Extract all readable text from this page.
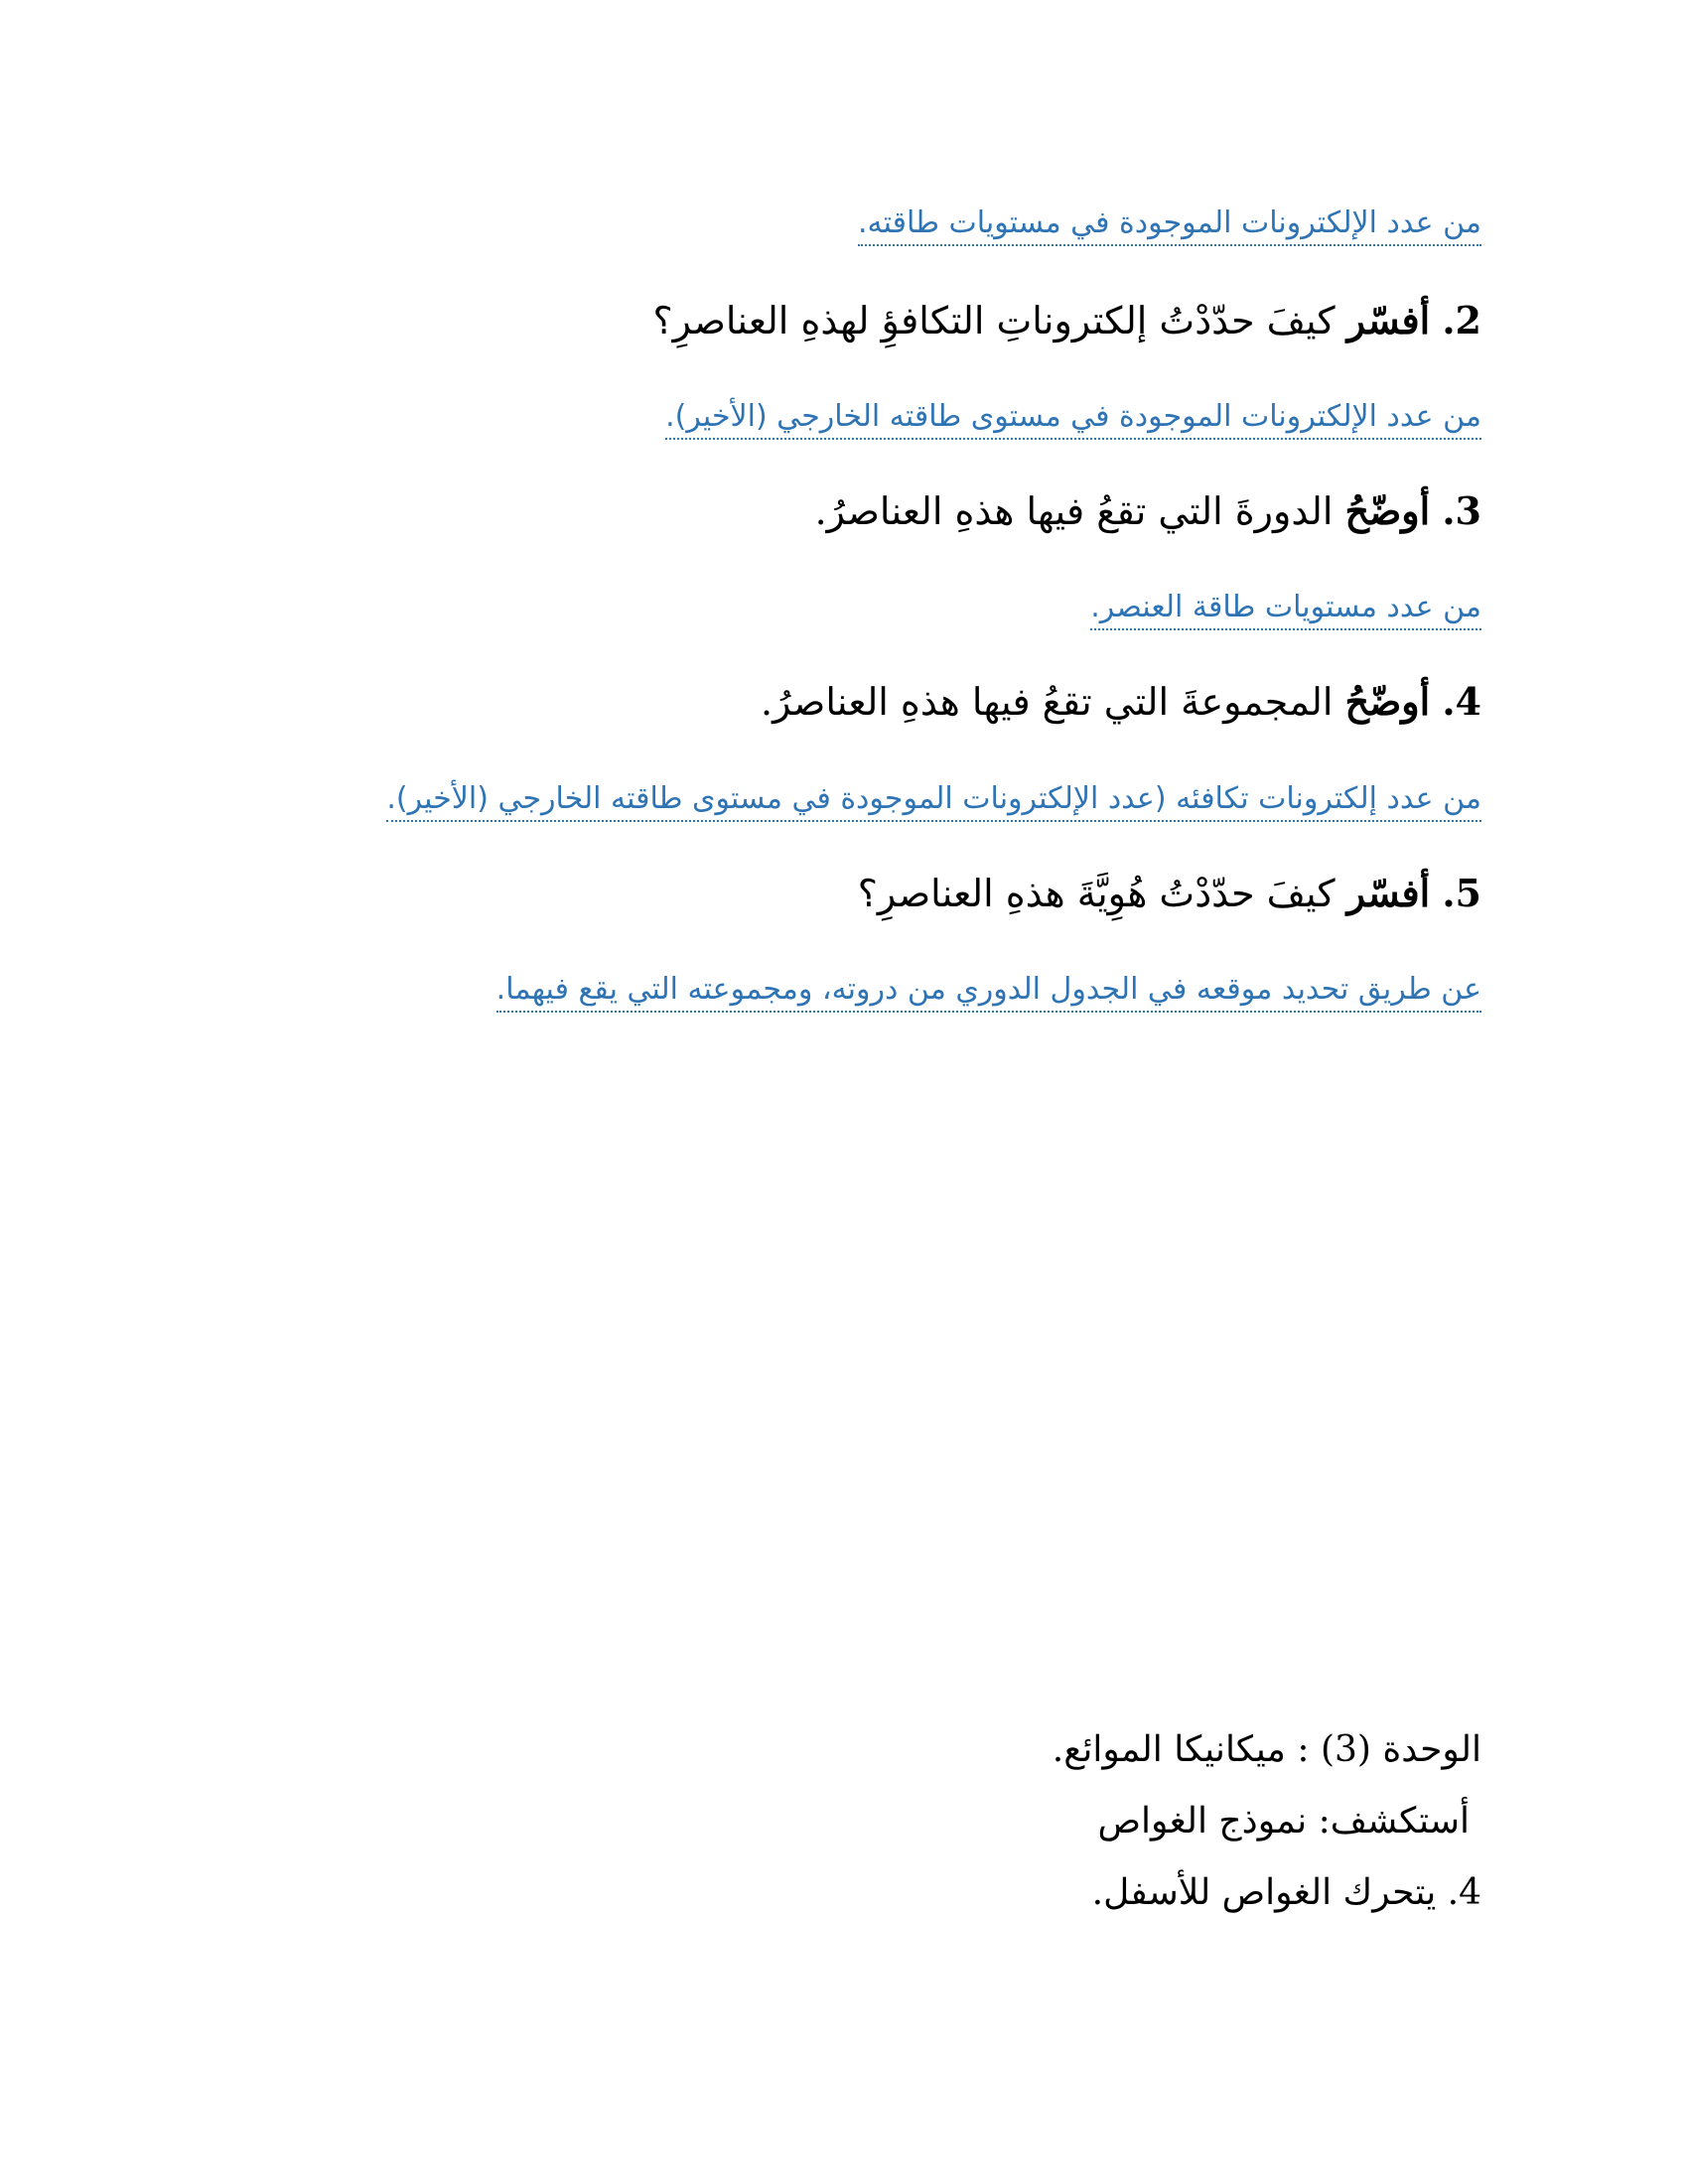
من عدد الإلكترونات الموجودة في مستويات طاقته.
2. أفسّر كيفَ حدّدْتُ إلكتروناتِ التكافؤِ لهذهِ العناصرِ؟
من عدد الإلكترونات الموجودة في مستوى طاقته الخارجي (الأخير).
3. أوضّحُ الدورةَ التي تقعُ فيها هذهِ العناصرُ.
من عدد مستويات طاقة العنصر.
4. أوضّحُ المجموعةَ التي تقعُ فيها هذهِ العناصرُ.
من عدد إلكترونات تكافئه (عدد الإلكترونات الموجودة في مستوى طاقته الخارجي (الأخير).
5. أفسّر كيفَ حدّدْتُ هُوِيَّةَ هذهِ العناصرِ؟
عن طريق تحديد موقعه في الجدول الدوري من دروته، ومجموعته التي يقع فيهما.
الوحدة (3) : ميكانيكا الموائع.
أستكشف: نموذج الغواص
4. يتحرك الغواص للأسفل.
